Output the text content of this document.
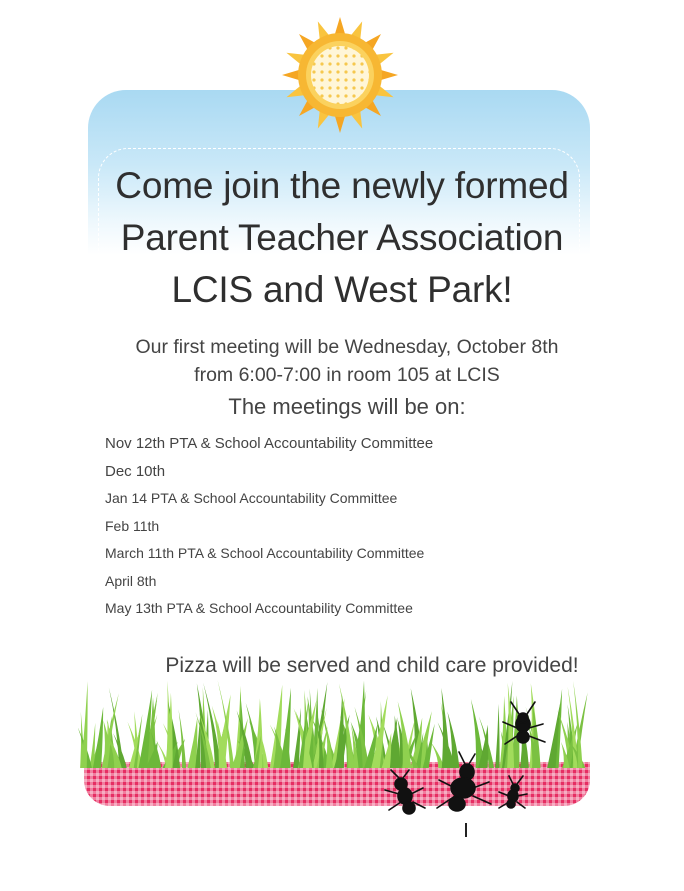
Come join the newly formed
Parent Teacher Association
LCIS and West Park!
Our first meeting will be Wednesday, October 8th
from 6:00-7:00 in room 105 at LCIS
The meetings will be on:
Nov 12th PTA & School Accountability Committee
Dec 10th
Jan 14 PTA & School Accountability Committee
Feb 11th
March 11th PTA & School Accountability Committee
April 8th
May 13th PTA & School Accountability Committee
Pizza will be served and child care provided!
